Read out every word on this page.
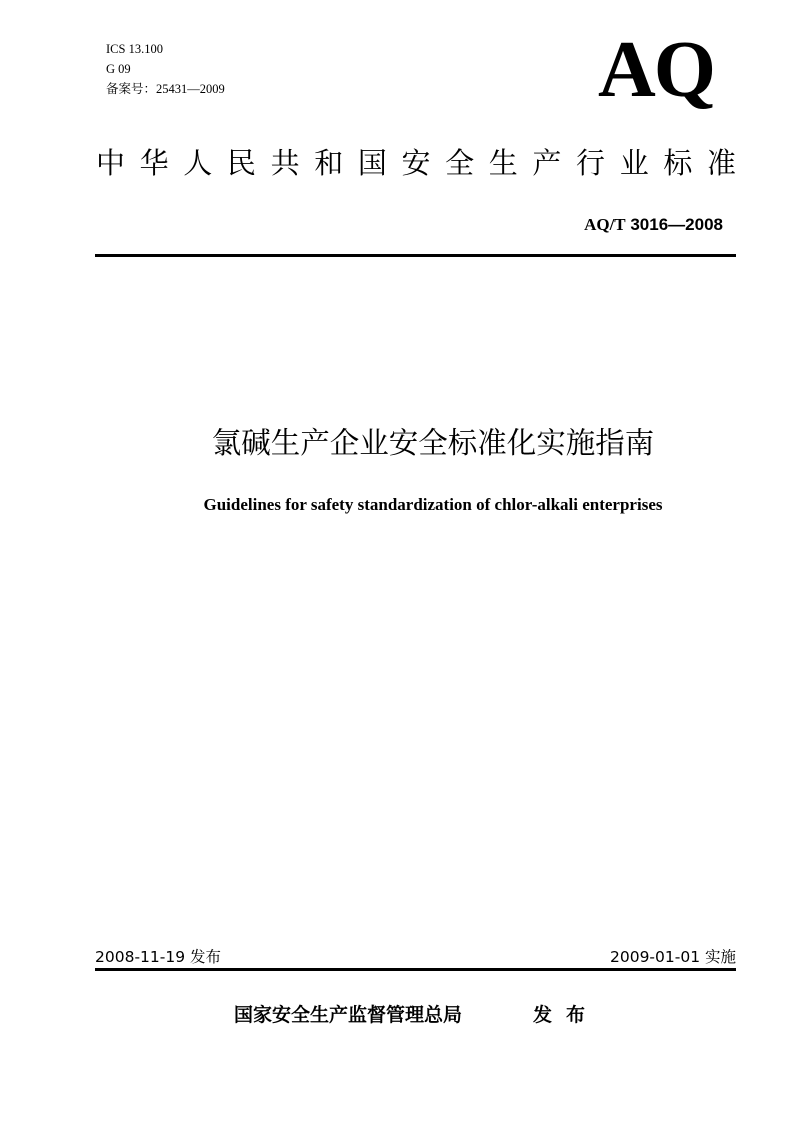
ICS 13.100
G 09
备案号：25431—2009	AQ
中 华 人 民 共 和 国 安 全 生 产 行 业 标 准
AQ/T 3016—2008
氯碱生产企业安全标准化实施指南
Guidelines for safety standardization of chlor-alkali enterprises
2008-11-19 发布	2009-01-01 实施
国家安全生产监督管理总局	发布
